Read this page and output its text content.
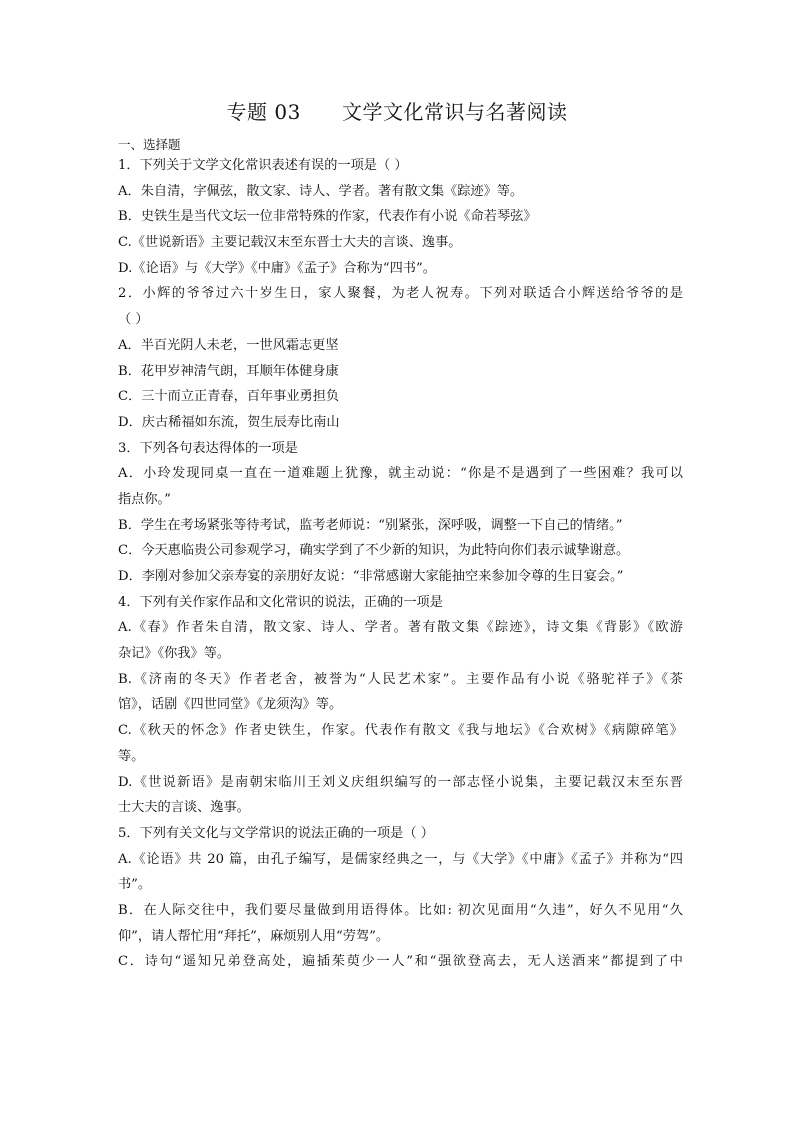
专题 03      文学文化常识与名著阅读
一、选择题
1．下列关于文学文化常识表述有误的一项是（ ）
A．朱自清，字佩弦，散文家、诗人、学者。著有散文集《踪迹》等。
B．史铁生是当代文坛一位非常特殊的作家，代表作有小说《命若琴弦》
C.《世说新语》主要记载汉末至东晋士大夫的言谈、逸事。
D.《论语》与《大学》《中庸》《孟子》合称为“四书”。
2．小辉的爷爷过六十岁生日，家人聚餐，为老人祝寿。下列对联适合小辉送给爷爷的是
（ ）
A．半百光阴人未老，一世风霜志更坚
B．花甲岁神清气朗，耳顺年体健身康
C．三十而立正青春，百年事业勇担负
D．庆古稀福如东流，贺生辰寿比南山
3．下列各句表达得体的一项是
A．小玲发现同桌一直在一道难题上犹豫，就主动说：“你是不是遇到了一些困难？我可以
指点你。”
B．学生在考场紧张等待考试，监考老师说：“别紧张，深呼吸，调整一下自己的情绪。”
C．今天惠临贵公司参观学习，确实学到了不少新的知识，为此特向你们表示诚挚谢意。
D．李刚对参加父亲寿宴的亲朋好友说：“非常感谢大家能抽空来参加令尊的生日宴会。”
4．下列有关作家作品和文化常识的说法，正确的一项是
A.《春》作者朱自清，散文家、诗人、学者。著有散文集《踪迹》，诗文集《背影》《欧游
杂记》《你我》等。
B.《济南的冬天》作者老舍，被誉为“人民艺术家”。主要作品有小说《骆驼祥子》《茶
馆》，话剧《四世同堂》《龙须沟》等。
C.《秋天的怀念》作者史铁生，作家。代表作有散文《我与地坛》《合欢树》《病隙碎笔》
等。
D.《世说新语》是南朝宋临川王刘义庆组织编写的一部志怪小说集，主要记载汉末至东晋
士大夫的言谈、逸事。
5．下列有关文化与文学常识的说法正确的一项是（ ）
A.《论语》共 20 篇，由孔子编写，是儒家经典之一，与《大学》《中庸》《孟子》并称为“四
书”。
B．在人际交往中，我们要尽量做到用语得体。比如: 初次见面用“久违”，好久不见用“久
仰”，请人帮忙用“拜托”，麻烦别人用“劳驾”。
C．诗句“遥知兄弟登高处，遍插茱萸少一人”和“强欲登高去，无人送酒来”都提到了中
